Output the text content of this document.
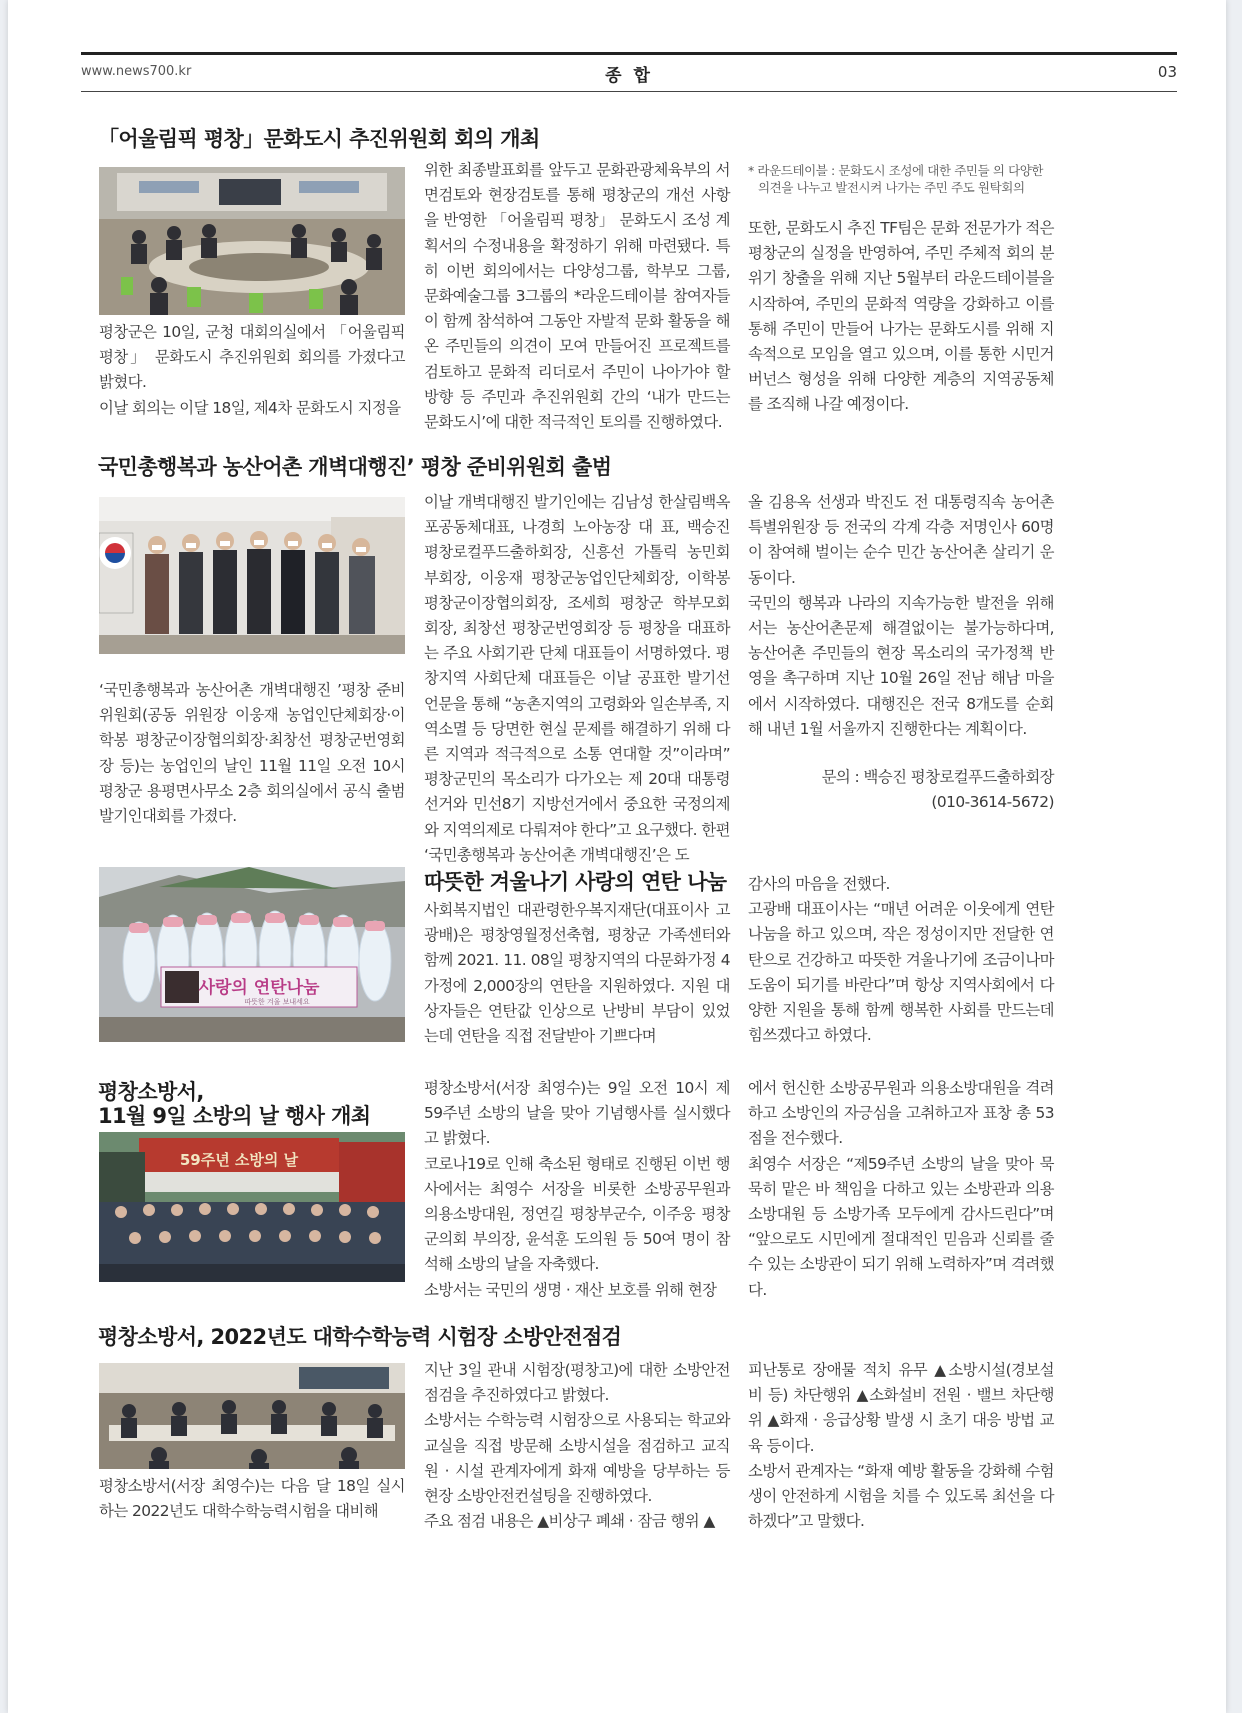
www.news700.kr	종 합	03
「어울림픽 평창」문화도시 추진위원회 회의 개최

평창군은 10일, 군청 대회의실에서 「어울림픽 평창」 문화도시 추진위원회 회의를 가졌다고 밝혔다.

이날 회의는 이달 18일, 제4차 문화도시 지정을

위한 최종발표회를 앞두고 문화관광체육부의 서면검토와 현장검토를 통해 평창군의 개선 사항을 반영한 「어울림픽 평창」 문화도시 조성 계획서의 수정내용을 확정하기 위해 마련됐다. 특히 이번 회의에서는 다양성그룹, 학부모 그룹, 문화예술그룹 3그룹의 *라운드테이블 참여자들이 함께 참석하여 그동안 자발적 문화 활동을 해온 주민들의 의견이 모여 만들어진 프로젝트를 검토하고 문화적 리더로서 주민이 나아가야 할 방향 등 주민과 추진위원회 간의 ‘내가 만드는 문화도시’에 대한 적극적인 토의를 진행하였다.

* 라운드테이블 : 문화도시 조성에 대한 주민들 의 다양한
의견을 나누고 발전시켜 나가는 주민 주도 원탁회의

또한, 문화도시 추진 TF팀은 문화 전문가가 적은 평창군의 실정을 반영하여, 주민 주체적 회의 분위기 창출을 위해 지난 5월부터 라운드테이블을 시작하여, 주민의 문화적 역량을 강화하고 이를 통해 주민이 만들어 나가는 문화도시를 위해 지속적으로 모임을 열고 있으며, 이를 통한 시민거버넌스 형성을 위해 다양한 계층의 지역공동체를 조직해 나갈 예정이다.

국민총행복과 농산어촌 개벽대행진’ 평창 준비위원회 출범

‘국민총행복과 농산어촌 개벽대행진 ’평창 준비위원회(공동 위원장 이웅재 농업인단체회장·이학봉 평창군이장협의회장·최창선 평창군번영회장 등)는 농업인의 날인 11월 11일 오전 10시 평창군 용평면사무소 2층 회의실에서 공식 출범 발기인대회를 가졌다.

이날 개벽대행진 발기인에는 김남성 한살림백옥포공동체대표, 나경희 노아농장 대 표, 백승진 평창로컬푸드출하회장, 신흥선 가톨릭 농민회 부회장, 이웅재 평창군농업인단체회장, 이학봉 평창군이장협의회장, 조세희 평창군 학부모회 회장, 최창선 평창군번영회장 등 평창을 대표하는 주요 사회기관 단체 대표들이 서명하였다. 평창지역 사회단체 대표들은 이날 공표한 발기선언문을 통해 “농촌지역의 고령화와 일손부족, 지역소멸 등 당면한 현실 문제를 해결하기 위해 다른 지역과 적극적으로 소통 연대할 것”이라며” 평창군민의 목소리가 다가오는 제 20대 대통령선거와 민선8기 지방선거에서 중요한 국정의제와 지역의제로 다뤄져야 한다”고 요구했다. 한편 ‘국민총행복과 농산어촌 개벽대행진’은 도

올 김용옥 선생과 박진도 전 대통령직속 농어촌특별위원장 등 전국의 각계 각층 저명인사 60명이 참여해 벌이는 순수 민간 농산어촌 살리기 운동이다.

국민의 행복과 나라의 지속가능한 발전을 위해서는 농산어촌문제 해결없이는 불가능하다며, 농산어촌 주민들의 현장 목소리의 국가정책 반영을 촉구하며 지난 10월 26일 전남 해남 마을에서 시작하였다. 대행진은 전국 8개도를 순회해 내년 1월 서울까지 진행한다는 계획이다.

문의 : 백승진 평창로컬푸드출하회장

(010-3614-5672)

사랑의 연탄나눔
따뜻한 겨울 보내세요
따뜻한 겨울나기 사랑의 연탄 나눔

사회복지법인 대관령한우복지재단(대표이사 고광배)은 평창영월정선축협, 평창군 가족센터와 함께 2021. 11. 08일 평창지역의 다문화가정 4가정에 2,000장의 연탄을 지원하였다. 지원 대상자들은 연탄값 인상으로 난방비 부담이 있었는데 연탄을 직접 전달받아 기쁘다며

감사의 마음을 전했다.

고광배 대표이사는 “매년 어려운 이웃에게 연탄 나눔을 하고 있으며, 작은 정성이지만 전달한 연탄으로 건강하고 따뜻한 겨울나기에 조금이나마 도움이 되기를 바란다”며 항상 지역사회에서 다양한 지원을 통해 함께 행복한 사회를 만드는데 힘쓰겠다고 하였다.

평창소방서,
11월 9일 소방의 날 행사 개최
59주년 소방의 날

평창소방서(서장 최영수)는 9일 오전 10시 제59주년 소방의 날을 맞아 기념행사를 실시했다고 밝혔다.

코로나19로 인해 축소된 형태로 진행된 이번 행사에서는 최영수 서장을 비롯한 소방공무원과 의용소방대원, 정연길 평창부군수, 이주웅 평창군의회 부의장, 윤석훈 도의원 등 50여 명이 참석해 소방의 날을 자축했다.

소방서는 국민의 생명 · 재산 보호를 위해 현장

에서 헌신한 소방공무원과 의용소방대원을 격려하고 소방인의 자긍심을 고취하고자 표창 총 53점을 전수했다.

최영수 서장은 “제59주년 소방의 날을 맞아 묵묵히 맡은 바 책임을 다하고 있는 소방관과 의용소방대원 등 소방가족 모두에게 감사드린다”며 “앞으로도 시민에게 절대적인 믿음과 신뢰를 줄 수 있는 소방관이 되기 위해 노력하자”며 격려했다.

평창소방서, 2022년도 대학수학능력 시험장 소방안전점검

평창소방서(서장 최영수)는 다음 달 18일 실시하는 2022년도 대학수학능력시험을 대비해

지난 3일 관내 시험장(평창고)에 대한 소방안전점검을 추진하였다고 밝혔다.

소방서는 수학능력 시험장으로 사용되는 학교와 교실을 직접 방문해 소방시설을 점검하고 교직원 · 시설 관계자에게 화재 예방을 당부하는 등 현장 소방안전컨설팅을 진행하였다.

주요 점검 내용은 ▲비상구 폐쇄 · 잠금 행위 ▲

피난통로 장애물 적치 유무 ▲소방시설(경보설비 등) 차단행위 ▲소화설비 전원 · 밸브 차단행위 ▲화재 · 응급상황 발생 시 초기 대응 방법 교육 등이다.

소방서 관계자는 “화재 예방 활동을 강화해 수험생이 안전하게 시험을 치를 수 있도록 최선을 다하겠다”고 말했다.
